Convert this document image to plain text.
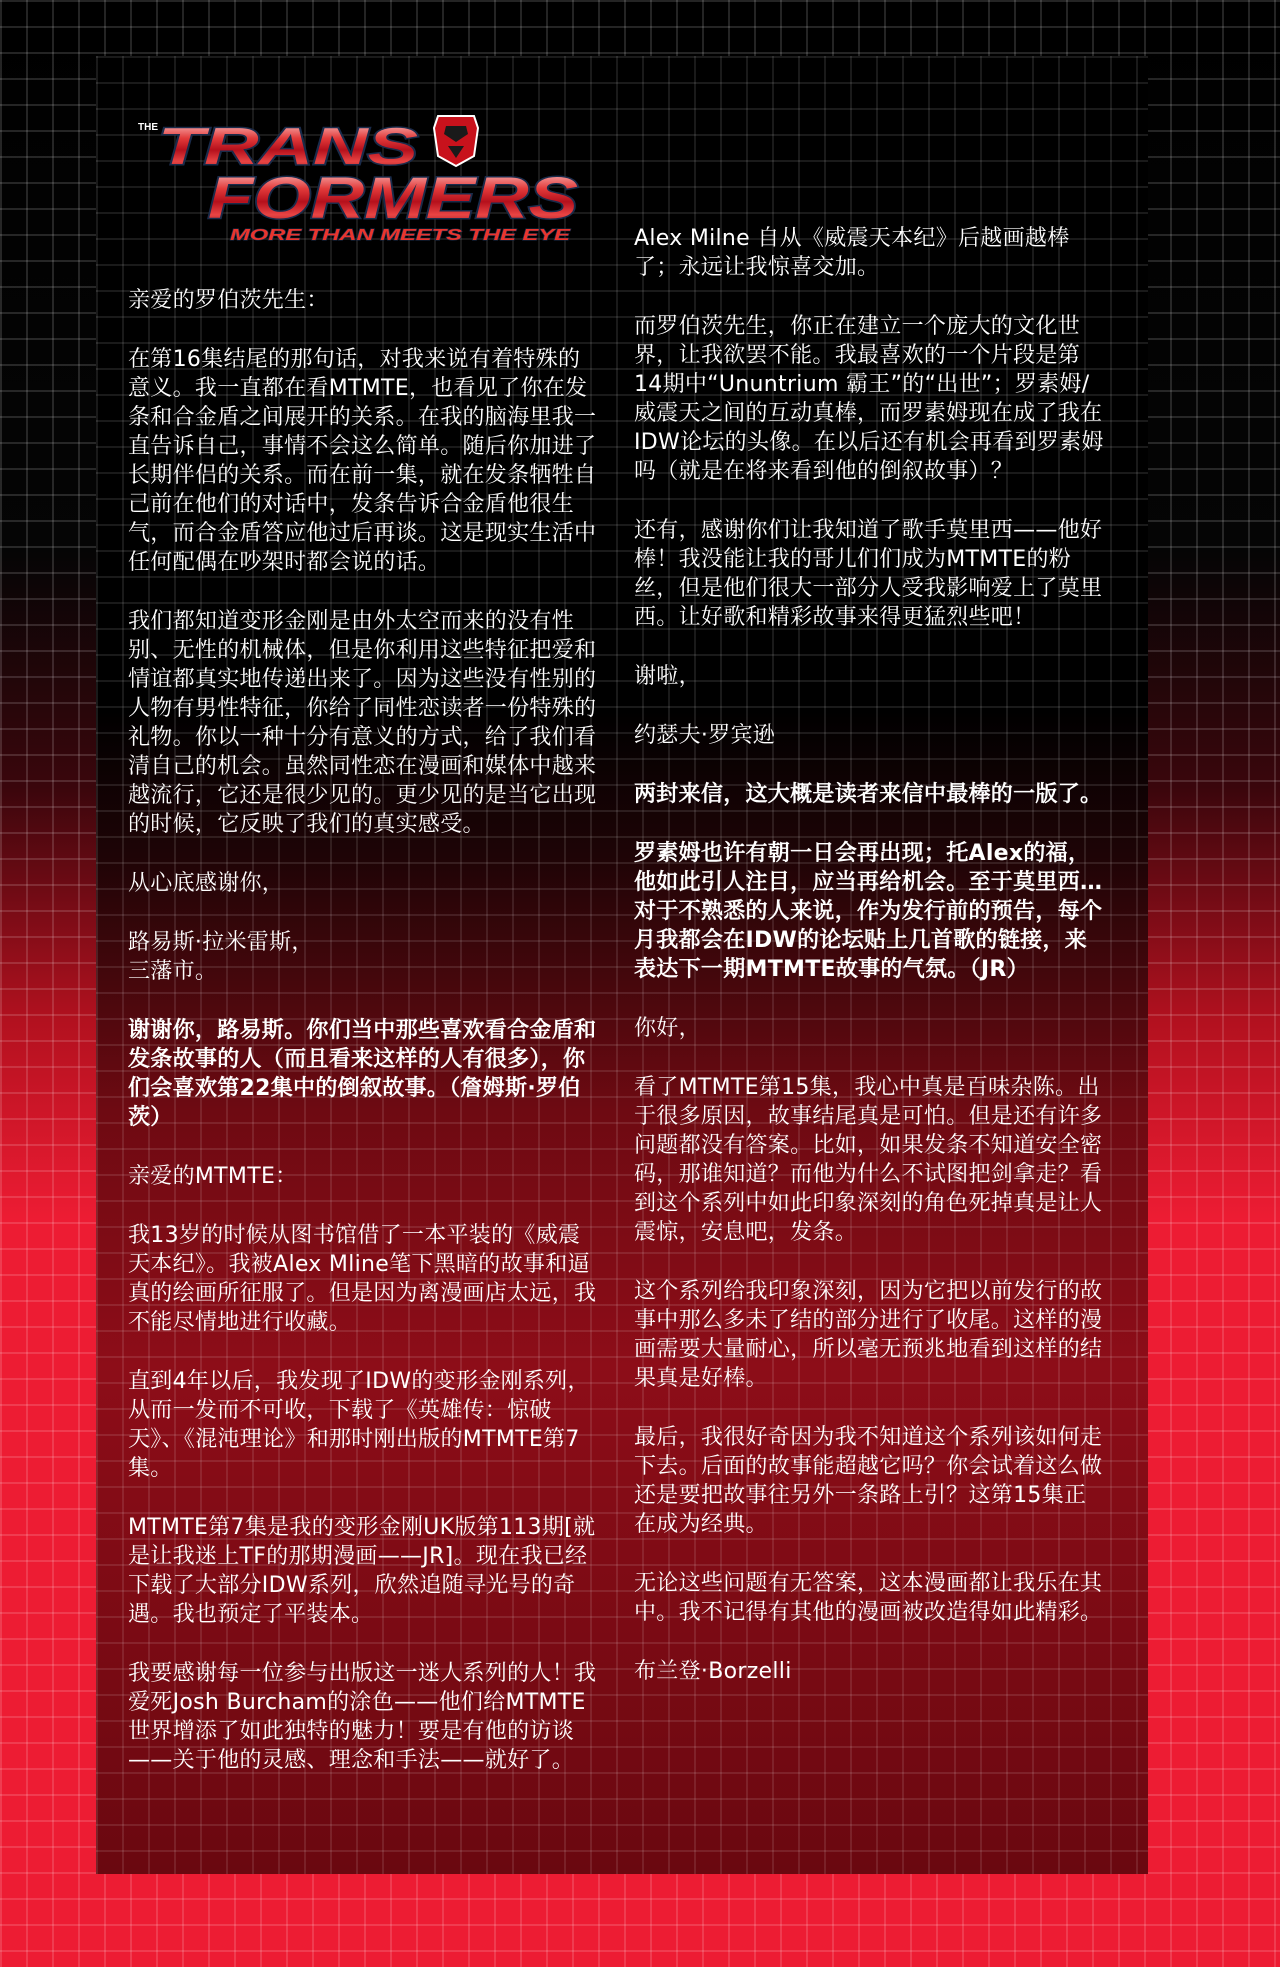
THE TRANS
FORMERS
MORE THAN MEETS THE EYE

亲爱的罗伯茨先生：

在第16集结尾的那句话，对我来说有着特殊的意义。我一直都在看MTMTE，也看见了你在发条和合金盾之间展开的关系。在我的脑海里我一直告诉自己，事情不会这么简单。随后你加进了长期伴侣的关系。而在前一集，就在发条牺牲自己前在他们的对话中，发条告诉合金盾他很生气，而合金盾答应他过后再谈。这是现实生活中任何配偶在吵架时都会说的话。

我们都知道变形金刚是由外太空而来的没有性别、无性的机械体，但是你利用这些特征把爱和情谊都真实地传递出来了。因为这些没有性别的人物有男性特征，你给了同性恋读者一份特殊的礼物。你以一种十分有意义的方式，给了我们看清自己的机会。虽然同性恋在漫画和媒体中越来越流行，它还是很少见的。更少见的是当它出现的时候，它反映了我们的真实感受。

从心底感谢你，

路易斯·拉米雷斯，
三藩市。

谢谢你，路易斯。你们当中那些喜欢看合金盾和发条故事的人（而且看来这样的人有很多），你们会喜欢第22集中的倒叙故事。（詹姆斯·罗伯茨）

亲爱的MTMTE：

我13岁的时候从图书馆借了一本平装的《威震天本纪》。我被Alex Mline笔下黑暗的故事和逼真的绘画所征服了。但是因为离漫画店太远，我不能尽情地进行收藏。

直到4年以后，我发现了IDW的变形金刚系列，从而一发而不可收，下载了《英雄传：惊破天》、《混沌理论》和那时刚出版的MTMTE第7集。

MTMTE第7集是我的变形金刚UK版第113期[就是让我迷上TF的那期漫画——JR]。现在我已经下载了大部分IDW系列，欣然追随寻光号的奇遇。我也预定了平装本。

我要感谢每一位参与出版这一迷人系列的人！我爱死Josh Burcham的涂色——他们给MTMTE世界增添了如此独特的魅力！要是有他的访谈——关于他的灵感、理念和手法——就好了。

Alex Milne 自从《威震天本纪》后越画越棒了；永远让我惊喜交加。

而罗伯茨先生，你正在建立一个庞大的文化世界，让我欲罢不能。我最喜欢的一个片段是第14期中“Ununtrium 霸王”的“出世”；罗素姆/威震天之间的互动真棒，而罗素姆现在成了我在IDW论坛的头像。在以后还有机会再看到罗素姆吗（就是在将来看到他的倒叙故事）？

还有，感谢你们让我知道了歌手莫里西——他好棒！我没能让我的哥儿们们成为MTMTE的粉丝，但是他们很大一部分人受我影响爱上了莫里西。让好歌和精彩故事来得更猛烈些吧！

谢啦，

约瑟夫·罗宾逊

两封来信，这大概是读者来信中最棒的一版了。

罗素姆也许有朝一日会再出现；托Alex的福，他如此引人注目，应当再给机会。至于莫里西…对于不熟悉的人来说，作为发行前的预告，每个月我都会在IDW的论坛贴上几首歌的链接，来表达下一期MTMTE故事的气氛。（JR）

你好，

看了MTMTE第15集，我心中真是百味杂陈。出于很多原因，故事结尾真是可怕。但是还有许多问题都没有答案。比如，如果发条不知道安全密码，那谁知道？而他为什么不试图把剑拿走？看到这个系列中如此印象深刻的角色死掉真是让人震惊，安息吧，发条。

这个系列给我印象深刻，因为它把以前发行的故事中那么多未了结的部分进行了收尾。这样的漫画需要大量耐心，所以毫无预兆地看到这样的结果真是好棒。

最后，我很好奇因为我不知道这个系列该如何走下去。后面的故事能超越它吗？你会试着这么做还是要把故事往另外一条路上引？这第15集正在成为经典。

无论这些问题有无答案，这本漫画都让我乐在其中。我不记得有其他的漫画被改造得如此精彩。

布兰登·Borzelli
